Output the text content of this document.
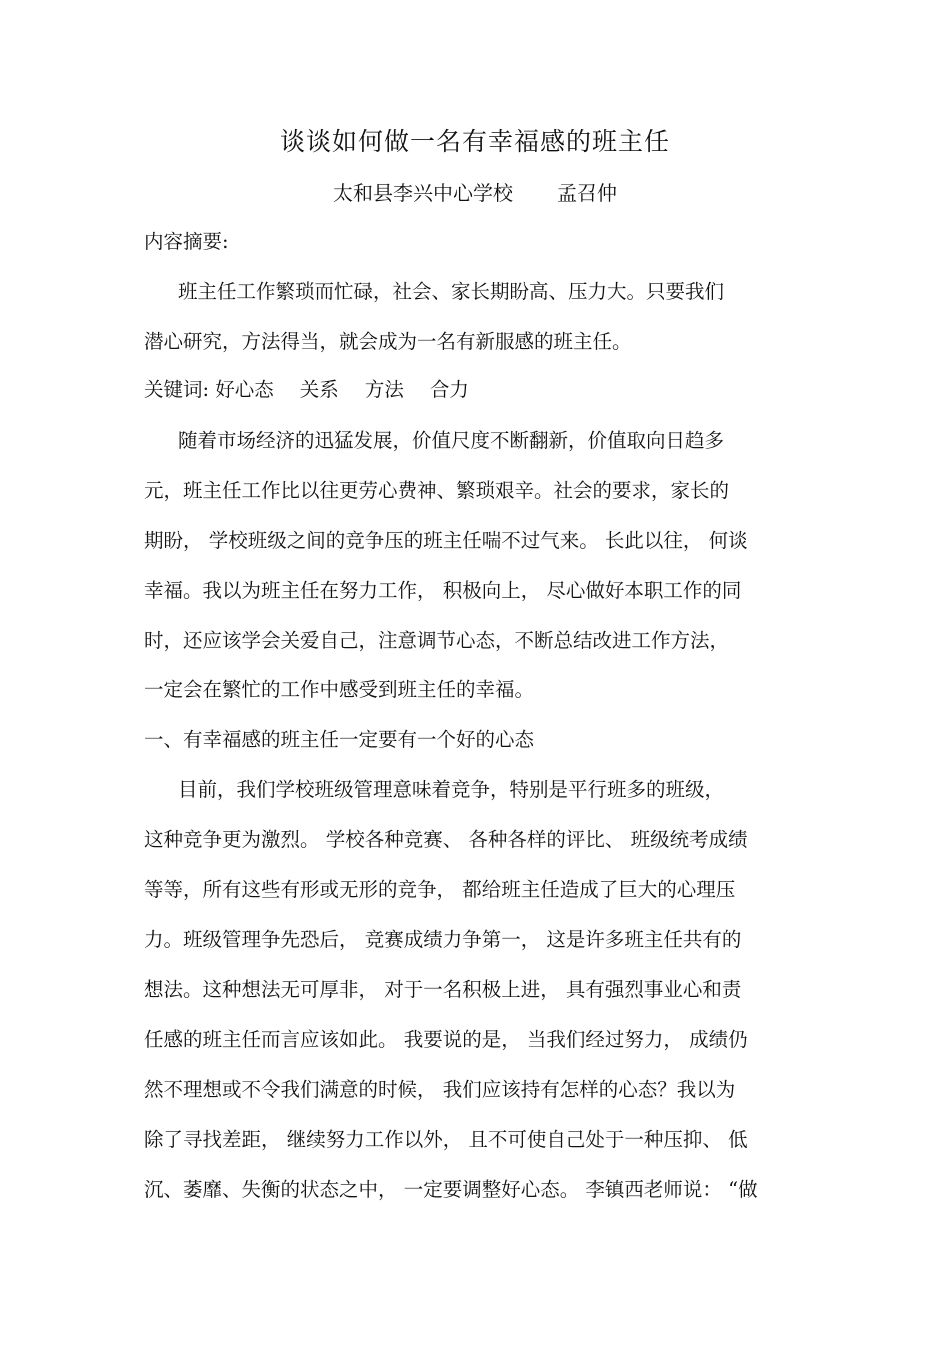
谈谈如何做一名有幸福感的班主任

太和县李兴中心学校 孟召仲

内容摘要:

班主任工作繁琐而忙碌，社会、家长期盼高、压力大。只要我们

潜心研究，方法得当，就会成为一名有新服感的班主任。

关键词: 好心态 关系 方法 合力

随着市场经济的迅猛发展，价值尺度不断翻新，价值取向日趋多

元，班主任工作比以往更劳心费神、繁琐艰辛。社会的要求，家长的

期盼， 学校班级之间的竞争压的班主任喘不过气来。 长此以往， 何谈

幸福。我以为班主任在努力工作， 积极向上， 尽心做好本职工作的同

时，还应该学会关爱自己，注意调节心态，不断总结改进工作方法，

一定会在繁忙的工作中感受到班主任的幸福。

一、有幸福感的班主任一定要有一个好的心态

目前，我们学校班级管理意味着竞争，特别是平行班多的班级，

这种竞争更为激烈。 学校各种竞赛、 各种各样的评比、 班级统考成绩

等等，所有这些有形或无形的竞争， 都给班主任造成了巨大的心理压

力。班级管理争先恐后， 竞赛成绩力争第一， 这是许多班主任共有的

想法。这种想法无可厚非， 对于一名积极上进， 具有强烈事业心和责

任感的班主任而言应该如此。 我要说的是， 当我们经过努力， 成绩仍

然不理想或不令我们满意的时候， 我们应该持有怎样的心态？我以为

除了寻找差距， 继续努力工作以外， 且不可使自己处于一种压抑、 低

沉、萎靡、失衡的状态之中， 一定要调整好心态。 李镇西老师说： “做
